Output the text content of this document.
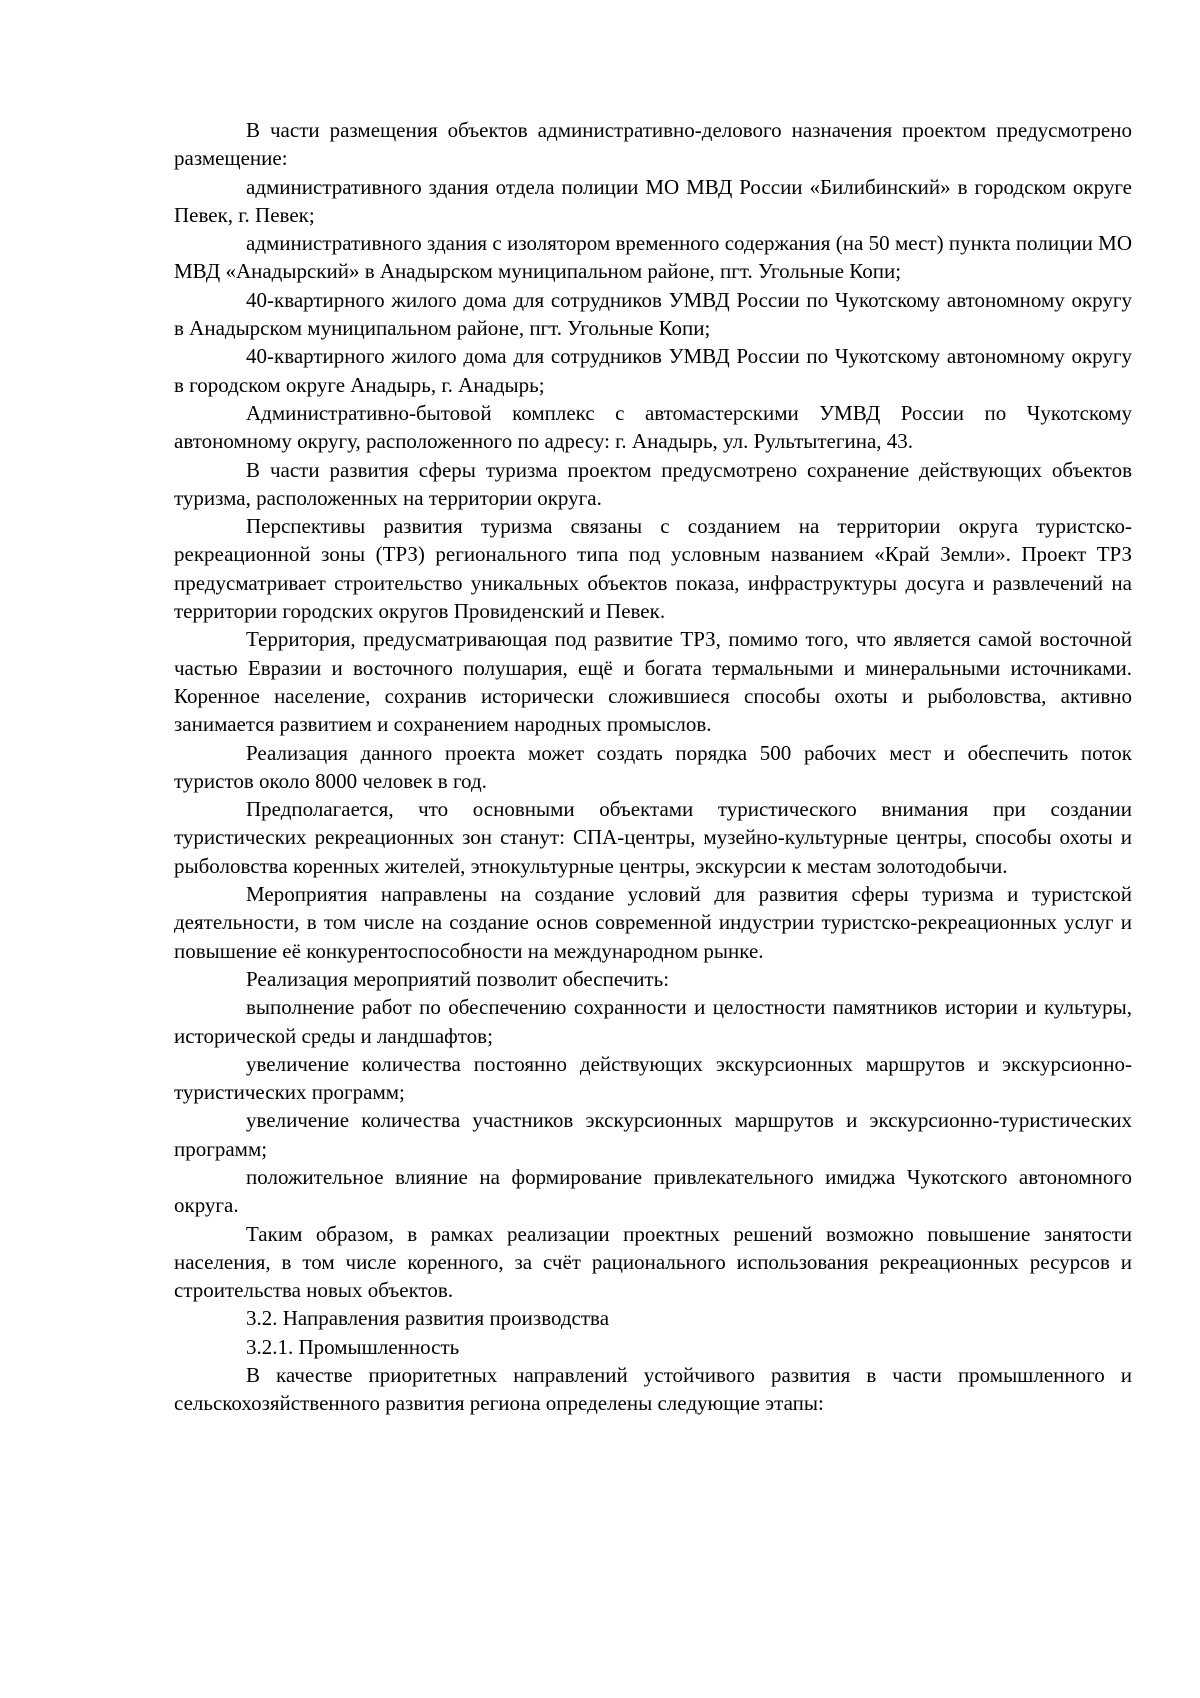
В части размещения объектов административно-делового назначения проектом предусмотрено размещение:

административного здания отдела полиции МО МВД России «Билибинский» в городском округе Певек, г. Певек;

административного здания с изолятором временного содержания (на 50 мест) пункта полиции МО МВД «Анадырский» в Анадырском муниципальном районе, пгт. Угольные Копи;

40-квартирного жилого дома для сотрудников УМВД России по Чукотскому автономному округу в Анадырском муниципальном районе, пгт. Угольные Копи;

40-квартирного жилого дома для сотрудников УМВД России по Чукотскому автономному округу в городском округе Анадырь, г. Анадырь;

Административно-бытовой комплекс с автомастерскими УМВД России по Чукотскому автономному округу, расположенного по адресу: г. Анадырь, ул. Рультытегина, 43.

В части развития сферы туризма проектом предусмотрено сохранение действующих объектов туризма, расположенных на территории округа.

Перспективы развития туризма связаны с созданием на территории округа туристско-рекреационной зоны (ТРЗ) регионального типа под условным названием «Край Земли». Проект ТРЗ предусматривает строительство уникальных объектов показа, инфраструктуры досуга и развлечений на территории городских округов Провиденский и Певек.

Территория, предусматривающая под развитие ТРЗ, помимо того, что является самой восточной частью Евразии и восточного полушария, ещё и богата термальными и минеральными источниками. Коренное население, сохранив исторически сложившиеся способы охоты и рыболовства, активно занимается развитием и сохранением народных промыслов.

Реализация данного проекта может создать порядка 500 рабочих мест и обеспечить поток туристов около 8000 человек в год.

Предполагается, что основными объектами туристического внимания при создании туристических рекреационных зон станут: СПА-центры, музейно-культурные центры, способы охоты и рыболовства коренных жителей, этнокультурные центры, экскурсии к местам золотодобычи.

Мероприятия направлены на создание условий для развития сферы туризма и туристской деятельности, в том числе на создание основ современной индустрии туристско-рекреационных услуг и повышение её конкурентоспособности на международном рынке.

Реализация мероприятий позволит обеспечить:

выполнение работ по обеспечению сохранности и целостности памятников истории и культуры, исторической среды и ландшафтов;

увеличение количества постоянно действующих экскурсионных маршрутов и экскурсионно-туристических программ;

увеличение количества участников экскурсионных маршрутов и экскурсионно-туристических программ;

положительное влияние на формирование привлекательного имиджа Чукотского автономного округа.

Таким образом, в рамках реализации проектных решений возможно повышение занятости населения, в том числе коренного, за счёт рационального использования рекреационных ресурсов и строительства новых объектов.

3.2. Направления развития производства

3.2.1. Промышленность

В качестве приоритетных направлений устойчивого развития в части промышленного и сельскохозяйственного развития региона определены следующие этапы:
